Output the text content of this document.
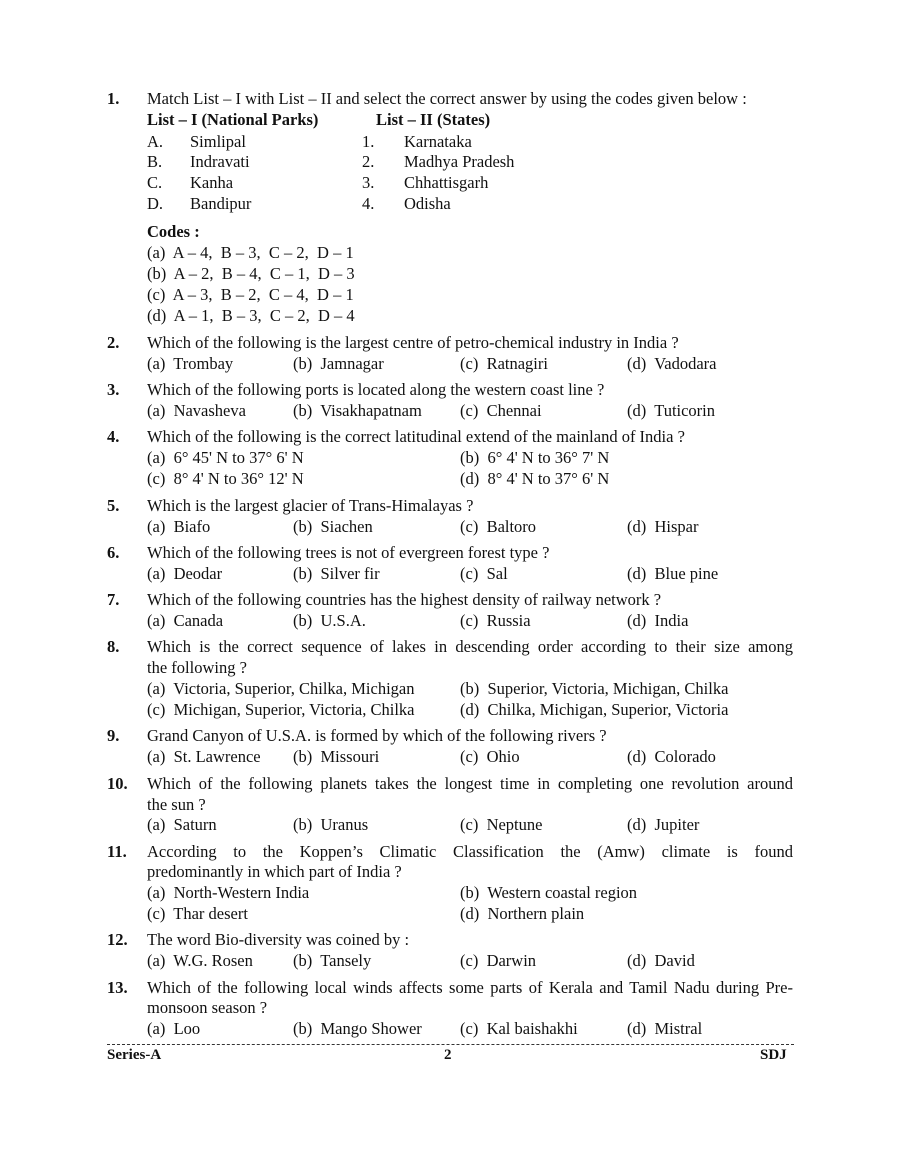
1. Match List – I with List – II and select the correct answer by using the codes given below :
List – I (National Parks)	List – II (States)
A. Simlipal	1. Karnataka
B. Indravati	2. Madhya Pradesh
C. Kanha	3. Chhattisgarh
D. Bandipur	4. Odisha
Codes :
(a)  A – 4,  B – 3,  C – 2,  D – 1
(b)  A – 2,  B – 4,  C – 1,  D – 3
(c)  A – 3,  B – 2,  C – 4,  D – 1
(d)  A – 1,  B – 3,  C – 2,  D – 4
2. Which of the following is the largest centre of petro-chemical industry in India ?
(a)  Trombay	(b)  Jamnagar	(c)  Ratnagiri	(d)  Vadodara
3. Which of the following ports is located along the western coast line ?
(a)  Navasheva	(b)  Visakhapatnam (c)  Chennai	(d)  Tuticorin
4. Which of the following is the correct latitudinal extend of the mainland of India ?
(a)  6° 45' N to 37° 6' N	(b)  6° 4' N to 36° 7' N
(c)  8° 4' N to 36° 12' N	(d)  8° 4' N to 37° 6' N
5. Which is the largest glacier of Trans-Himalayas ?
(a)  Biafo	(b)  Siachen	(c)  Baltoro	(d)  Hispar
6. Which of the following trees is not of evergreen forest type ?
(a)  Deodar	(b)  Silver fir	(c)  Sal	(d)  Blue pine
7. Which of the following countries has the highest density of railway network ?
(a)  Canada	(b)  U.S.A.	(c)  Russia	(d)  India
8. Which is the correct sequence of lakes in descending order according to their size among
the following ?
(a)  Victoria, Superior, Chilka, Michigan	(b)  Superior, Victoria, Michigan, Chilka
(c)  Michigan, Superior, Victoria, Chilka	(d)  Chilka, Michigan, Superior, Victoria
9. Grand Canyon of U.S.A. is formed by which of the following rivers ?
(a)  St. Lawrence (b)  Missouri	(c)  Ohio	(d)  Colorado
10. Which of the following planets takes the longest time in completing one revolution around
the sun ?
(a)  Saturn	(b)  Uranus	(c)  Neptune	(d)  Jupiter
11. According to the Koppen’s Climatic Classification the (Amw) climate is found
predominantly in which part of India ?
(a)  North-Western India	(b)  Western coastal region
(c)  Thar desert	(d)  Northern plain
12. The word Bio-diversity was coined by :
(a)  W.G. Rosen (b)  Tansely	(c)  Darwin	(d)  David
13. Which of the following local winds affects some parts of Kerala and Tamil Nadu during Pre-
monsoon season ?
(a)  Loo	(b)  Mango Shower (c)  Kal baishakhi	(d)  Mistral
Series-A	2	SDJ
